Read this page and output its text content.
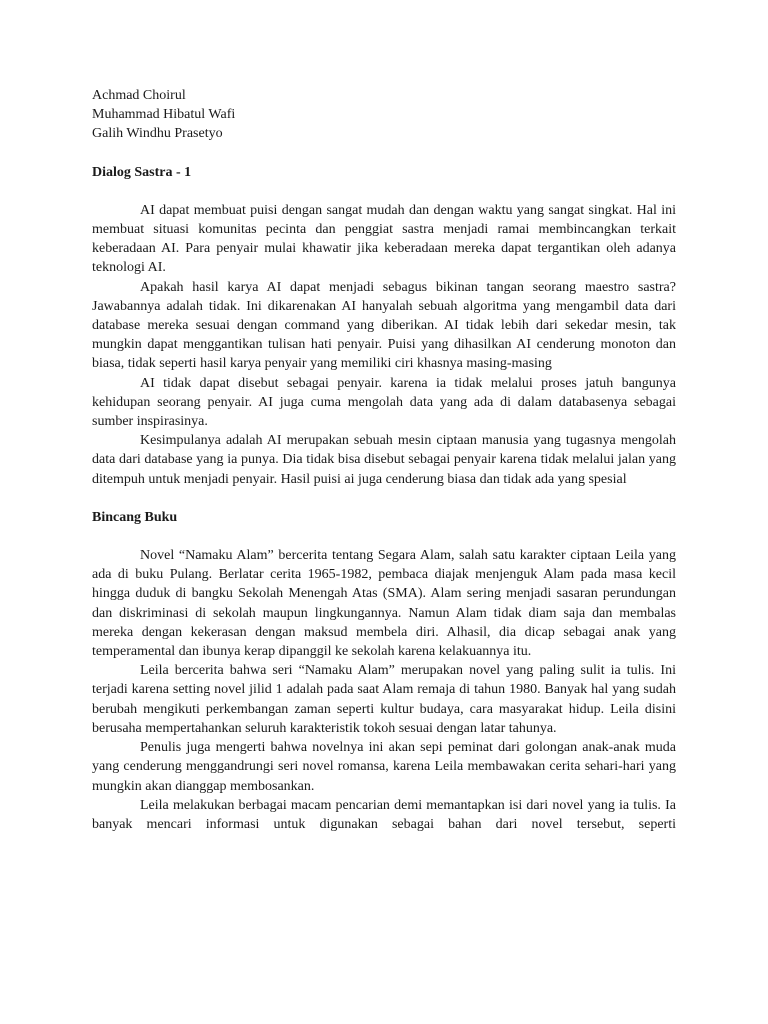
Achmad Choirul
Muhammad Hibatul Wafi
Galih Windhu Prasetyo
Dialog Sastra - 1

AI dapat membuat puisi dengan sangat mudah dan dengan waktu yang sangat singkat. Hal ini membuat situasi komunitas pecinta dan penggiat sastra menjadi ramai membincangkan terkait keberadaan AI. Para penyair mulai khawatir jika keberadaan mereka dapat tergantikan oleh adanya teknologi AI.

Apakah hasil karya AI dapat menjadi sebagus bikinan tangan seorang maestro sastra? Jawabannya adalah tidak. Ini dikarenakan AI hanyalah sebuah algoritma yang mengambil data dari database mereka sesuai dengan command yang diberikan. AI tidak lebih dari sekedar mesin, tak mungkin dapat menggantikan tulisan hati penyair. Puisi yang dihasilkan AI cenderung monoton dan biasa, tidak seperti hasil karya penyair yang memiliki ciri khasnya masing-masing

AI tidak dapat disebut sebagai penyair. karena ia tidak melalui proses jatuh bangunya kehidupan seorang penyair. AI juga cuma mengolah data yang ada di dalam databasenya sebagai sumber inspirasinya.

Kesimpulanya adalah AI merupakan sebuah mesin ciptaan manusia yang tugasnya mengolah data dari database yang ia punya. Dia tidak bisa disebut sebagai penyair karena tidak melalui jalan yang ditempuh untuk menjadi penyair. Hasil puisi ai juga cenderung biasa dan tidak ada yang spesial

Bincang Buku

Novel “Namaku Alam” bercerita tentang Segara Alam, salah satu karakter ciptaan Leila yang ada di buku Pulang. Berlatar cerita 1965-1982, pembaca diajak menjenguk Alam pada masa kecil hingga duduk di bangku Sekolah Menengah Atas (SMA). Alam sering menjadi sasaran perundungan dan diskriminasi di sekolah maupun lingkungannya. Namun Alam tidak diam saja dan membalas mereka dengan kekerasan dengan maksud membela diri. Alhasil, dia dicap sebagai anak yang temperamental dan ibunya kerap dipanggil ke sekolah karena kelakuannya itu.

Leila bercerita bahwa seri “Namaku Alam” merupakan novel yang paling sulit ia tulis. Ini terjadi karena setting novel jilid 1 adalah pada saat Alam remaja di tahun 1980. Banyak hal yang sudah berubah mengikuti perkembangan zaman seperti kultur budaya, cara masyarakat hidup. Leila disini berusaha mempertahankan seluruh karakteristik tokoh sesuai dengan latar tahunya.

Penulis juga mengerti bahwa novelnya ini akan sepi peminat dari golongan anak-anak muda yang cenderung menggandrungi seri novel romansa, karena Leila membawakan cerita sehari-hari yang mungkin akan dianggap membosankan.

Leila melakukan berbagai macam pencarian demi memantapkan isi dari novel yang ia tulis. Ia banyak mencari informasi untuk digunakan sebagai bahan dari novel tersebut, seperti
